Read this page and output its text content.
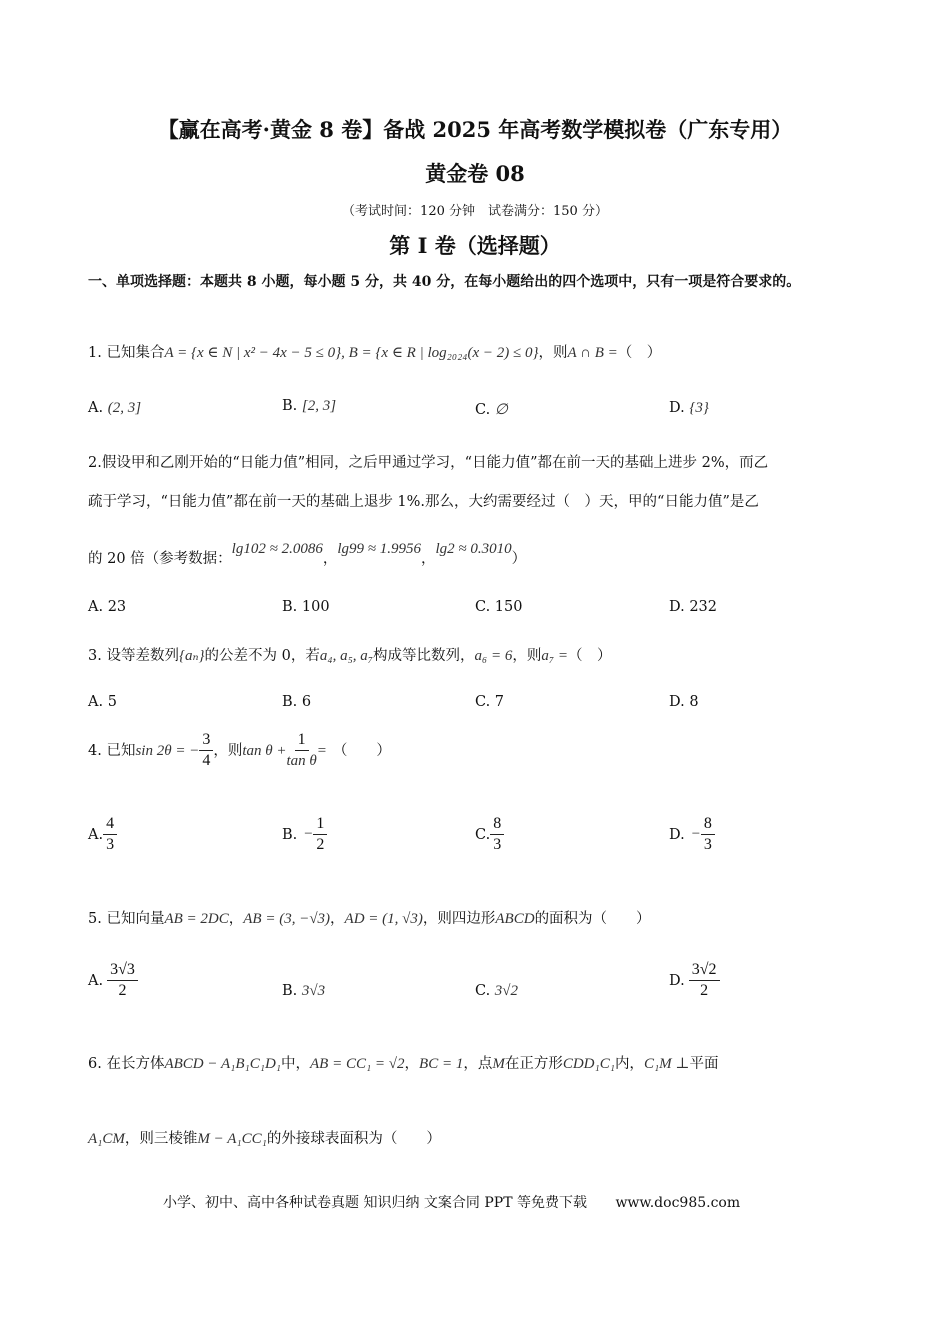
【赢在高考·黄金 8 卷】备战 2025 年高考数学模拟卷（广东专用）
黄金卷 08
（考试时间：120 分钟　试卷满分：150 分）
第 I 卷（选择题）
一、单项选择题：本题共 8 小题，每小题 5 分，共 40 分，在每小题给出的四个选项中，只有一项是符合要求的。
1. 已知集合A = {x ∈ N | x² − 4x − 5 ≤ 0}, B = {x ∈ R | log₂₀₂₄(x − 2) ≤ 0}，则A ∩ B =（　）
A. (2, 3]	B. [2, 3]	C. ∅	D. {3}
2.假设甲和乙刚开始的“日能力值”相同，之后甲通过学习，“日能力值”都在前一天的基础上进步 2%，而乙
疏于学习，“日能力值”都在前一天的基础上退步 1%.那么，大约需要经过（　）天，甲的“日能力值”是乙
的 20 倍（参考数据：lg102 ≈ 2.0086，lg99 ≈ 1.9956，lg2 ≈ 0.3010）
A. 23	B. 100	C. 150	D. 232
3. 设等差数列{aₙ}的公差不为 0，若a₄, a₅, a₇构成等比数列，a₆ = 6，则a₇ =（　）
A. 5	B. 6	C. 7	D. 8
4. 已知 sin 2θ = − $\frac{3}{4}$ ，则 $\tan \theta + \frac{1}{\text{tan θ}}$ = （　　）
A. $\frac{4}{3}$	B. − $\frac{1}{2}$	C. $\frac{8}{3}$	D. − $\frac{8}{3}$
5. 已知向量AB = 2DC，AB = (3, −√3)，AD = (1, √3)，则四边形ABCD的面积为（　　）
A. $\frac{3√3}{2}$	B. 3√3	C. 3√2
D. $\frac{3√2}{2}$
6. 在长方体ABCD − A₁B₁C₁D₁中，AB = CC₁ = √2，BC = 1，点M在正方形CDD₁C₁内，C₁M ⊥平面
A₁CM，则三棱锥M − A₁CC₁的外接球表面积为（　　）
小学、初中、高中各种试卷真题 知识归纳 文案合同 PPT 等免费下载 www.doc985.com
